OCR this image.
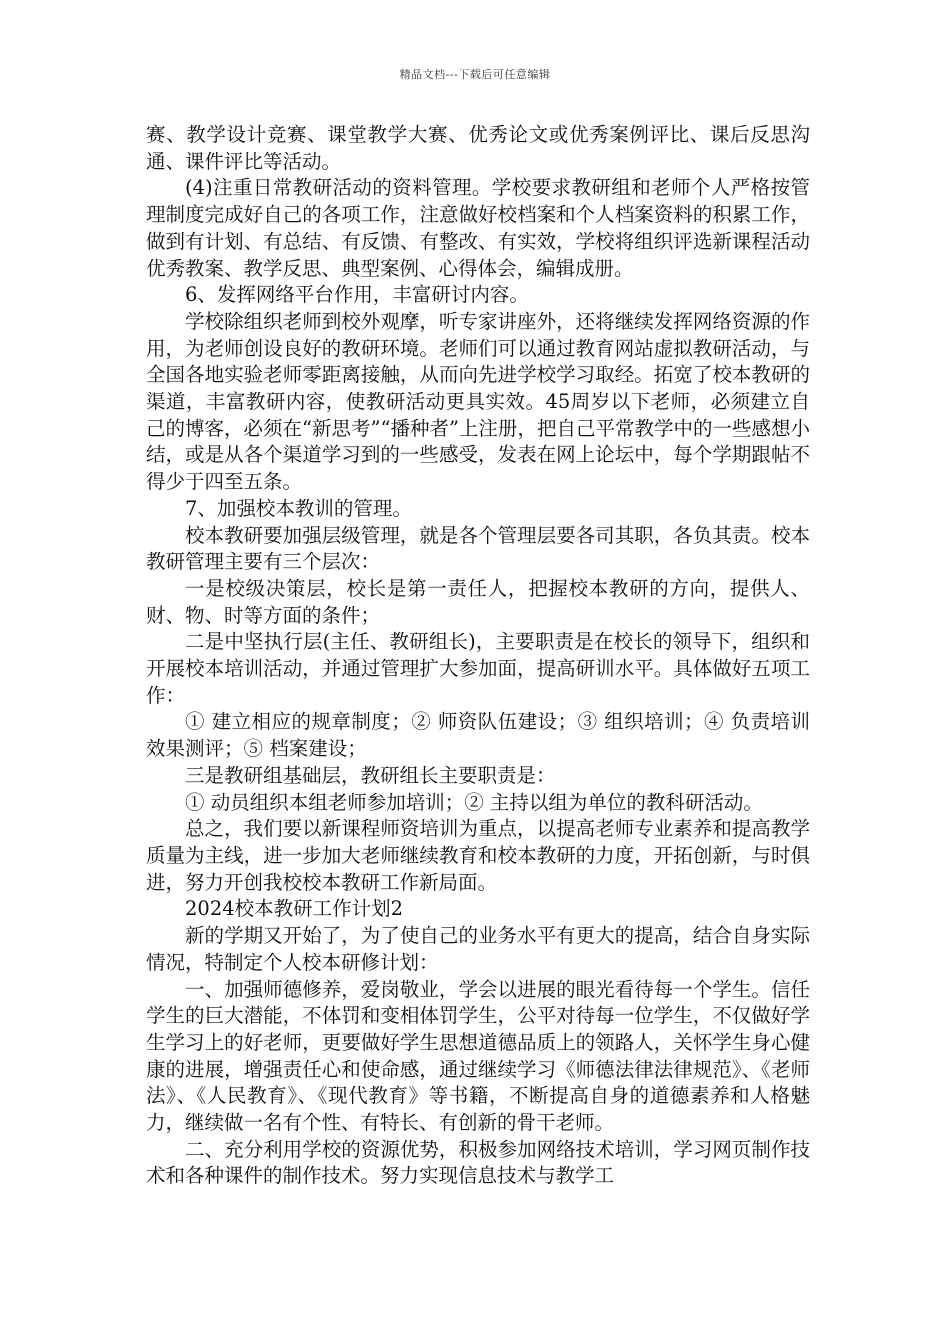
精品文档---下载后可任意编辑

赛、教学设计竞赛、课堂教学大赛、优秀论文或优秀案例评比、课后反思沟通、课件评比等活动。

(4)注重日常教研活动的资料管理。学校要求教研组和老师个人严格按管理制度完成好自己的各项工作，注意做好校档案和个人档案资料的积累工作，做到有计划、有总结、有反馈、有整改、有实效，学校将组织评选新课程活动优秀教案、教学反思、典型案例、心得体会，编辑成册。

6、发挥网络平台作用，丰富研讨内容。

学校除组织老师到校外观摩，听专家讲座外，还将继续发挥网络资源的作用，为老师创设良好的教研环境。老师们可以通过教育网站虚拟教研活动，与全国各地实验老师零距离接触，从而向先进学校学习取经。拓宽了校本教研的渠道，丰富教研内容，使教研活动更具实效。45周岁以下老师，必须建立自己的博客，必须在“新思考”“播种者”上注册，把自己平常教学中的一些感想小结，或是从各个渠道学习到的一些感受，发表在网上论坛中，每个学期跟帖不得少于四至五条。

7、加强校本教训的管理。

校本教研要加强层级管理，就是各个管理层要各司其职，各负其责。校本教研管理主要有三个层次：

一是校级决策层，校长是第一责任人，把握校本教研的方向，提供人、财、物、时等方面的条件；

二是中坚执行层(主任、教研组长)，主要职责是在校长的领导下，组织和开展校本培训活动，并通过管理扩大参加面，提高研训水平。具体做好五项工作：

① 建立相应的规章制度；② 师资队伍建设；③ 组织培训；④ 负责培训效果测评；⑤ 档案建设；

三是教研组基础层，教研组长主要职责是：

① 动员组织本组老师参加培训；② 主持以组为单位的教科研活动。

总之，我们要以新课程师资培训为重点，以提高老师专业素养和提高教学质量为主线，进一步加大老师继续教育和校本教研的力度，开拓创新，与时俱进，努力开创我校校本教研工作新局面。

2024校本教研工作计划2

新的学期又开始了，为了使自己的业务水平有更大的提高，结合自身实际情况，特制定个人校本研修计划：

一、加强师德修养，爱岗敬业，学会以进展的眼光看待每一个学生。信任学生的巨大潜能，不体罚和变相体罚学生，公平对待每一位学生，不仅做好学生学习上的好老师，更要做好学生思想道德品质上的领路人，关怀学生身心健康的进展，增强责任心和使命感，通过继续学习《师德法律法律规范》、《老师法》、《人民教育》、《现代教育》等书籍，不断提高自身的道德素养和人格魅力，继续做一名有个性、有特长、有创新的骨干老师。

二、充分利用学校的资源优势，积极参加网络技术培训，学习网页制作技术和各种课件的制作技术。努力实现信息技术与教学工
